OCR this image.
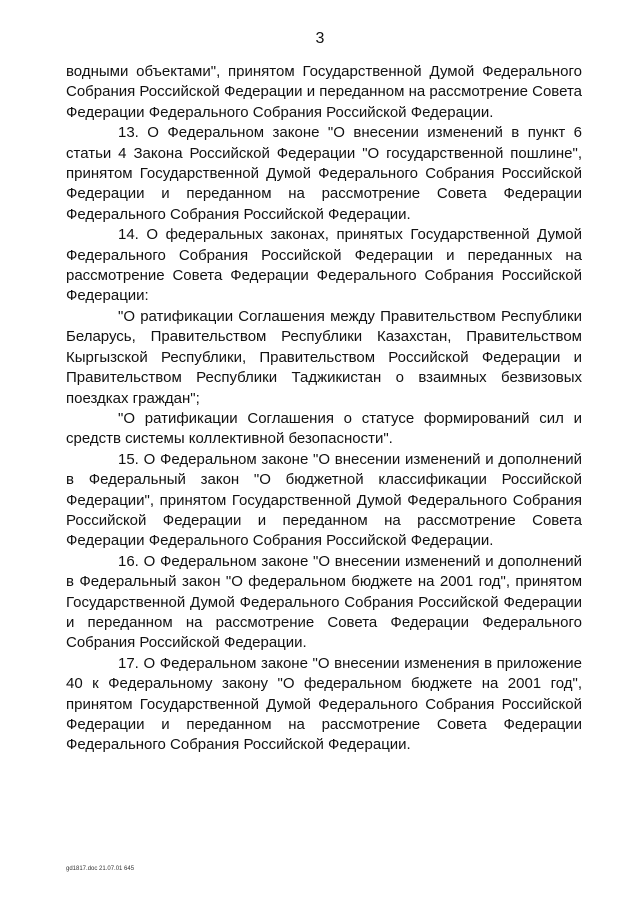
3

водными объектами", принятом Государственной Думой Федерального Собрания Российской Федерации и переданном на рассмотрение Совета Федерации Федерального Собрания Российской Федерации.

13. О Федеральном законе "О внесении изменений в пункт 6 статьи 4 Закона Российской Федерации "О государственной пошлине", принятом Государственной Думой Федерального Собрания Российской Федерации и переданном на рассмотрение Совета Федерации Федерального Собрания Российской Федерации.

14. О федеральных законах, принятых Государственной Думой Федерального Собрания Российской Федерации и переданных на рассмотрение Совета Федерации Федерального Собрания Российской Федерации:

"О ратификации Соглашения между Правительством Республики Беларусь, Правительством Республики Казахстан, Правительством Кыргызской Республики, Правительством Российской Федерации и Правительством Республики Таджикистан о взаимных безвизовых поездках граждан";

"О ратификации Соглашения о статусе формирований сил и средств системы коллективной безопасности".

15. О Федеральном законе "О внесении изменений и дополнений в Федеральный закон "О бюджетной классификации Российской Федерации", принятом Государственной Думой Федерального Собрания Российской Федерации и переданном на рассмотрение Совета Федерации Федерального Собрания Российской Федерации.

16. О Федеральном законе "О внесении изменений и дополнений в Федеральный закон "О федеральном бюджете на 2001 год", принятом Государственной Думой Федерального Собрания Российской Федерации и переданном на рассмотрение Совета Федерации Федерального Собрания Российской Федерации.

17. О Федеральном законе "О внесении изменения в приложение 40 к Федеральному закону "О федеральном бюджете на 2001 год", принятом Государственной Думой Федерального Собрания Российской Федерации и переданном на рассмотрение Совета Федерации Федерального Собрания Российской Федерации.

gd1817.doc 21.07.01 645
